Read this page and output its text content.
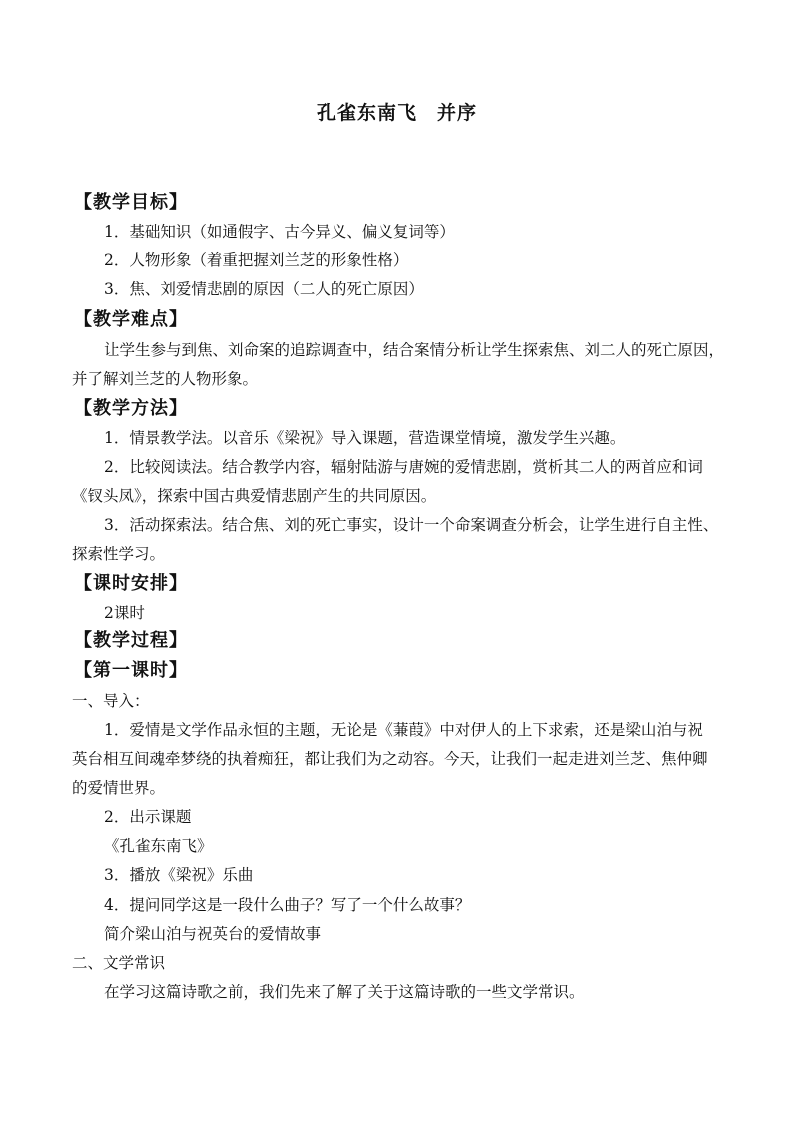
孔雀东南飞　并序
【教学目标】
1．基础知识（如通假字、古今异义、偏义复词等）
2．人物形象（着重把握刘兰芝的形象性格）
3．焦、刘爱情悲剧的原因（二人的死亡原因）
【教学难点】
让学生参与到焦、刘命案的追踪调查中，结合案情分析让学生探索焦、刘二人的死亡原因，
并了解刘兰芝的人物形象。
【教学方法】
1．情景教学法。以音乐《梁祝》导入课题，营造课堂情境，激发学生兴趣。
2．比较阅读法。结合教学内容，辐射陆游与唐婉的爱情悲剧，赏析其二人的两首应和词
《钗头凤》，探索中国古典爱情悲剧产生的共同原因。
3．活动探索法。结合焦、刘的死亡事实，设计一个命案调查分析会，让学生进行自主性、
探索性学习。
【课时安排】
2课时
【教学过程】
【第一课时】
一、导入：
1．爱情是文学作品永恒的主题，无论是《蒹葭》中对伊人的上下求索，还是梁山泊与祝
英台相互间魂牵梦绕的执着痴狂，都让我们为之动容。今天，让我们一起走进刘兰芝、焦仲卿
的爱情世界。
2．出示课题
《孔雀东南飞》
3．播放《梁祝》乐曲
4．提问同学这是一段什么曲子？写了一个什么故事？
简介梁山泊与祝英台的爱情故事
二、文学常识
在学习这篇诗歌之前，我们先来了解了关于这篇诗歌的一些文学常识。
